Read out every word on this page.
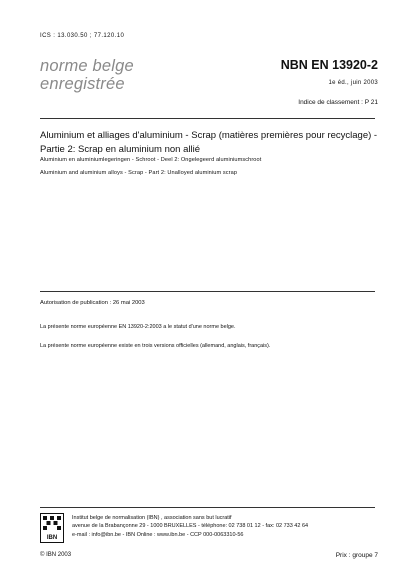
ICS : 13.030.50 ; 77.120.10
norme belge
enregistrée
NBN EN 13920-2
1e éd., juin 2003
Indice de classement : P 21
Aluminium et alliages d'aluminium - Scrap (matières premières pour recyclage) - Partie 2: Scrap en aluminium non allié
Aluminium en aluminiumlegeringen - Schroot - Deel 2: Ongelegeerd aluminiumschroot
Aluminium and aluminium alloys - Scrap - Part 2: Unalloyed aluminium scrap
Autorisation de publication : 26 mai 2003
La présente norme européenne EN 13920-2:2003 a le statut d'une norme belge.
La présente norme européenne existe en trois versions officielles (allemand, anglais, français).
IBN
Institut belge de normalisation (IBN) , association sans but lucratif
avenue de la Brabançonne 29 - 1000 BRUXELLES - téléphone: 02 738 01 12 - fax: 02 733 42 64
e-mail : info@ibn.be - IBN Online : www.ibn.be - CCP 000-0063310-56
© IBN 2003	Prix : groupe 7
